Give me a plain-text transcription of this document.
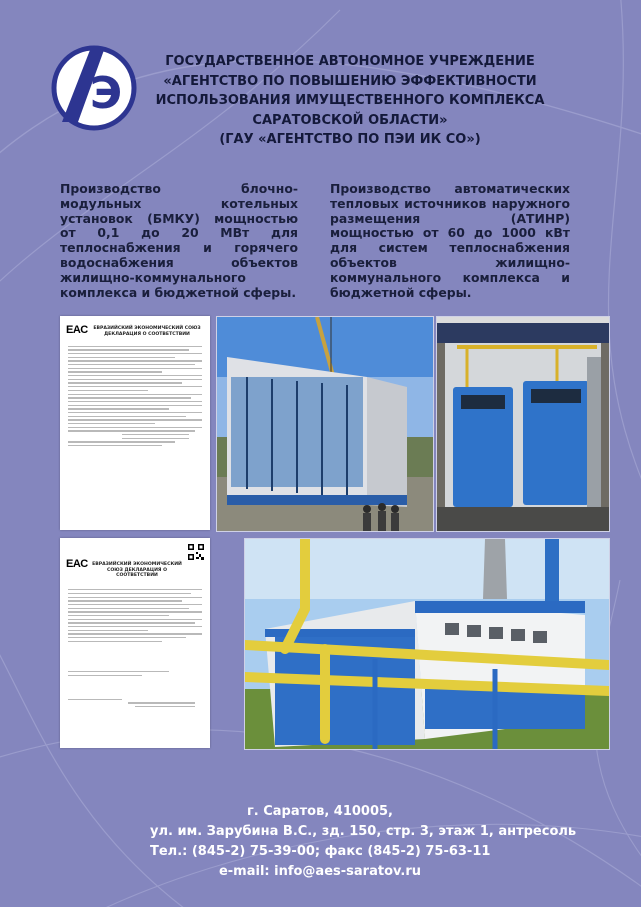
Э
ГОСУДАРСТВЕННОЕ АВТОНОМНОЕ УЧРЕЖДЕНИЕ
«АГЕНТСТВО ПО ПОВЫШЕНИЮ ЭФФЕКТИВНОСТИ
ИСПОЛЬЗОВАНИЯ ИМУЩЕСТВЕННОГО КОМПЛЕКСА
САРАТОВСКОЙ ОБЛАСТИ»
(ГАУ «АГЕНТСТВО ПО ПЭИ ИК СО»)
Производство блочно-модульных котельных установок (БМКУ) мощностью от 0,1 до 20 МВт для теплоснабжения и горячего водоснабжения объектов жилищно-коммунального комплекса и бюджетной сферы.
Производство автоматических тепловых источников наружного размещения (АТИНР) мощностью от 60 до 1000 кВт для систем теплоснабжения объектов жилищно-коммунального комплекса и бюджетной сферы.
EAC	ЕВРАЗИЙСКИЙ ЭКОНОМИЧЕСКИЙ СОЮЗ ДЕКЛАРАЦИЯ О СООТВЕТСТВИИ
EAC ЕВРАЗИЙСКИЙ ЭКОНОМИЧЕСКИЙ СОЮЗ ДЕКЛАРАЦИЯ О СООТВЕТСТВИИ
г. Саратов, 410005,
ул. им. Зарубина В.С., зд. 150, стр. 3, этаж 1, антресоль
Тел.: (845-2) 75-39-00; факс (845-2) 75-63-11
e-mail: info@aes-saratov.ru
